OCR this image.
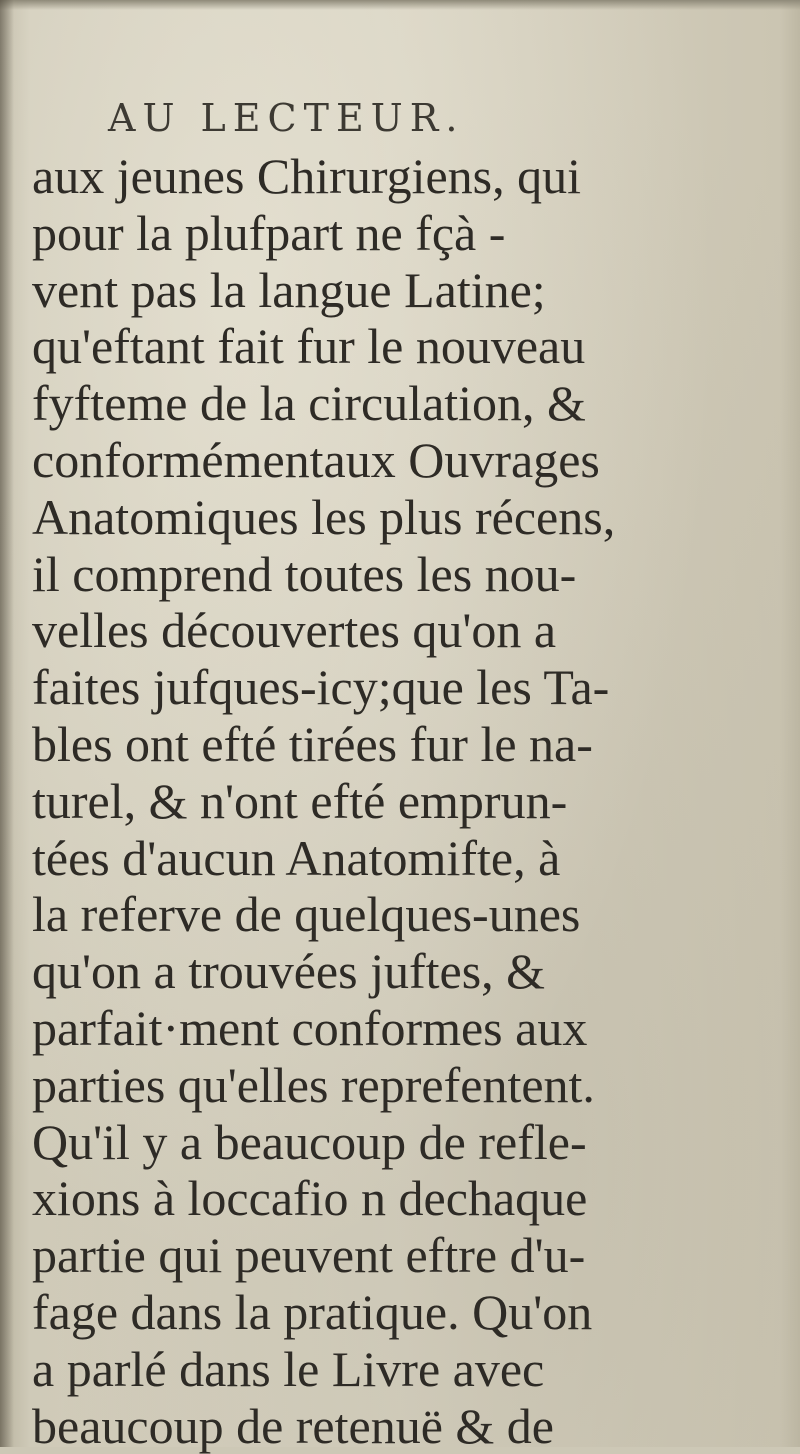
AU LECTEUR.
aux jeunes Chirurgiens, qui
pour la plufpart ne fçà -
vent pas la langue Latine;
qu'eftant fait fur le nouveau
fyfteme de la circulation, &
conformémentaux Ouvrages
Anatomiques les plus récens,
il comprend toutes les nou-
velles découvertes qu'on a
faites jufques-icy;que les Ta-
bles ont efté tirées fur le na-
turel, & n'ont efté emprun-
tées d'aucun Anatomifte, à
la referve de quelques-unes
qu'on a trouvées juftes, &
parfait·ment conformes aux
parties qu'elles reprefentent.
Qu'il y a beaucoup de refle-
xions à loccafio n dechaque
partie qui peuvent eftre d'u-
fage dans la pratique. Qu'on
a parlé dans le Livre avec
beaucoup de retenuë & de
